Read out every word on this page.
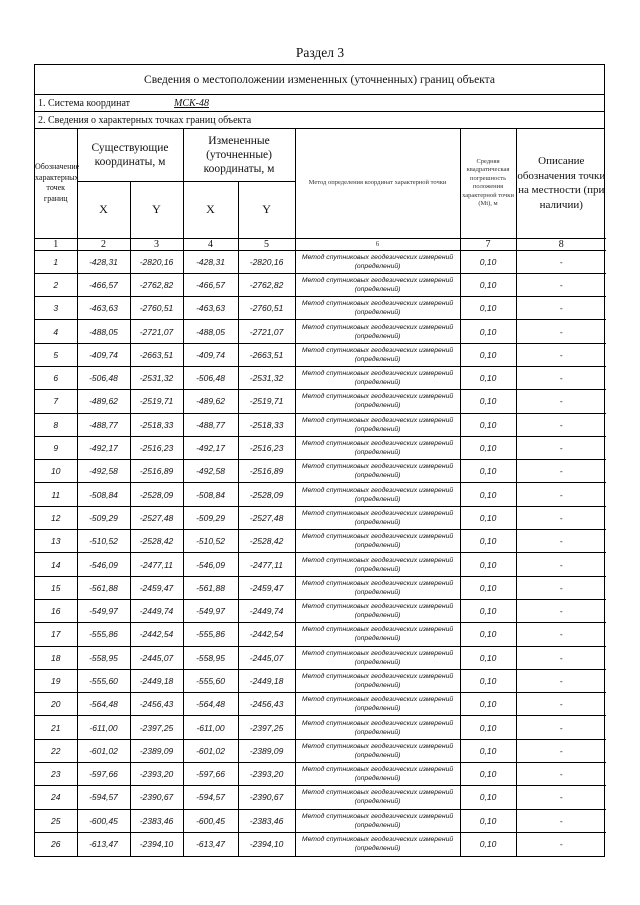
Раздел 3
Сведения о местоположении измененных (уточненных) границ объекта
1. Система координат	МСК-48
2. Сведения о характерных точках границ объекта
Обозначение характерных точек границ	Существующие координаты, м		Измененные (уточненные) координаты, м		Метод определения координат характерной точки	Средняя квадратическая погрешность положения характерной точки (Mt), м	Описание обозначения точки на местности (при наличии)
	X	Y	X	Y			
1	2	3	4	5	6	7	8
1	-428,31	-2820,16	-428,31	-2820,16	Метод спутниковых геодезических измерений (определений)	0,10	-
2	-466,57	-2762,82	-466,57	-2762,82	Метод спутниковых геодезических измерений (определений)	0,10	-
3	-463,63	-2760,51	-463,63	-2760,51	Метод спутниковых геодезических измерений (определений)	0,10	-
4	-488,05	-2721,07	-488,05	-2721,07	Метод спутниковых геодезических измерений (определений)	0,10	-
5	-409,74	-2663,51	-409,74	-2663,51	Метод спутниковых геодезических измерений (определений)	0,10	-
6	-506,48	-2531,32	-506,48	-2531,32	Метод спутниковых геодезических измерений (определений)	0,10	-
7	-489,62	-2519,71	-489,62	-2519,71	Метод спутниковых геодезических измерений (определений)	0,10	-
8	-488,77	-2518,33	-488,77	-2518,33	Метод спутниковых геодезических измерений (определений)	0,10	-
9	-492,17	-2516,23	-492,17	-2516,23	Метод спутниковых геодезических измерений (определений)	0,10	-
10	-492,58	-2516,89	-492,58	-2516,89	Метод спутниковых геодезических измерений (определений)	0,10	-
11	-508,84	-2528,09	-508,84	-2528,09	Метод спутниковых геодезических измерений (определений)	0,10	-
12	-509,29	-2527,48	-509,29	-2527,48	Метод спутниковых геодезических измерений (определений)	0,10	-
13	-510,52	-2528,42	-510,52	-2528,42	Метод спутниковых геодезических измерений (определений)	0,10	-
14	-546,09	-2477,11	-546,09	-2477,11	Метод спутниковых геодезических измерений (определений)	0,10	-
15	-561,88	-2459,47	-561,88	-2459,47	Метод спутниковых геодезических измерений (определений)	0,10	-
16	-549,97	-2449,74	-549,97	-2449,74	Метод спутниковых геодезических измерений (определений)	0,10	-
17	-555,86	-2442,54	-555,86	-2442,54	Метод спутниковых геодезических измерений (определений)	0,10	-
18	-558,95	-2445,07	-558,95	-2445,07	Метод спутниковых геодезических измерений (определений)	0,10	-
19	-555,60	-2449,18	-555,60	-2449,18	Метод спутниковых геодезических измерений (определений)	0,10	-
20	-564,48	-2456,43	-564,48	-2456,43	Метод спутниковых геодезических измерений (определений)	0,10	-
21	-611,00	-2397,25	-611,00	-2397,25	Метод спутниковых геодезических измерений (определений)	0,10	-
22	-601,02	-2389,09	-601,02	-2389,09	Метод спутниковых геодезических измерений (определений)	0,10	-
23	-597,66	-2393,20	-597,66	-2393,20	Метод спутниковых геодезических измерений (определений)	0,10	-
24	-594,57	-2390,67	-594,57	-2390,67	Метод спутниковых геодезических измерений (определений)	0,10	-
25	-600,45	-2383,46	-600,45	-2383,46	Метод спутниковых геодезических измерений (определений)	0,10	-
26	-613,47	-2394,10	-613,47	-2394,10	Метод спутниковых геодезических измерений (определений)	0,10	-
